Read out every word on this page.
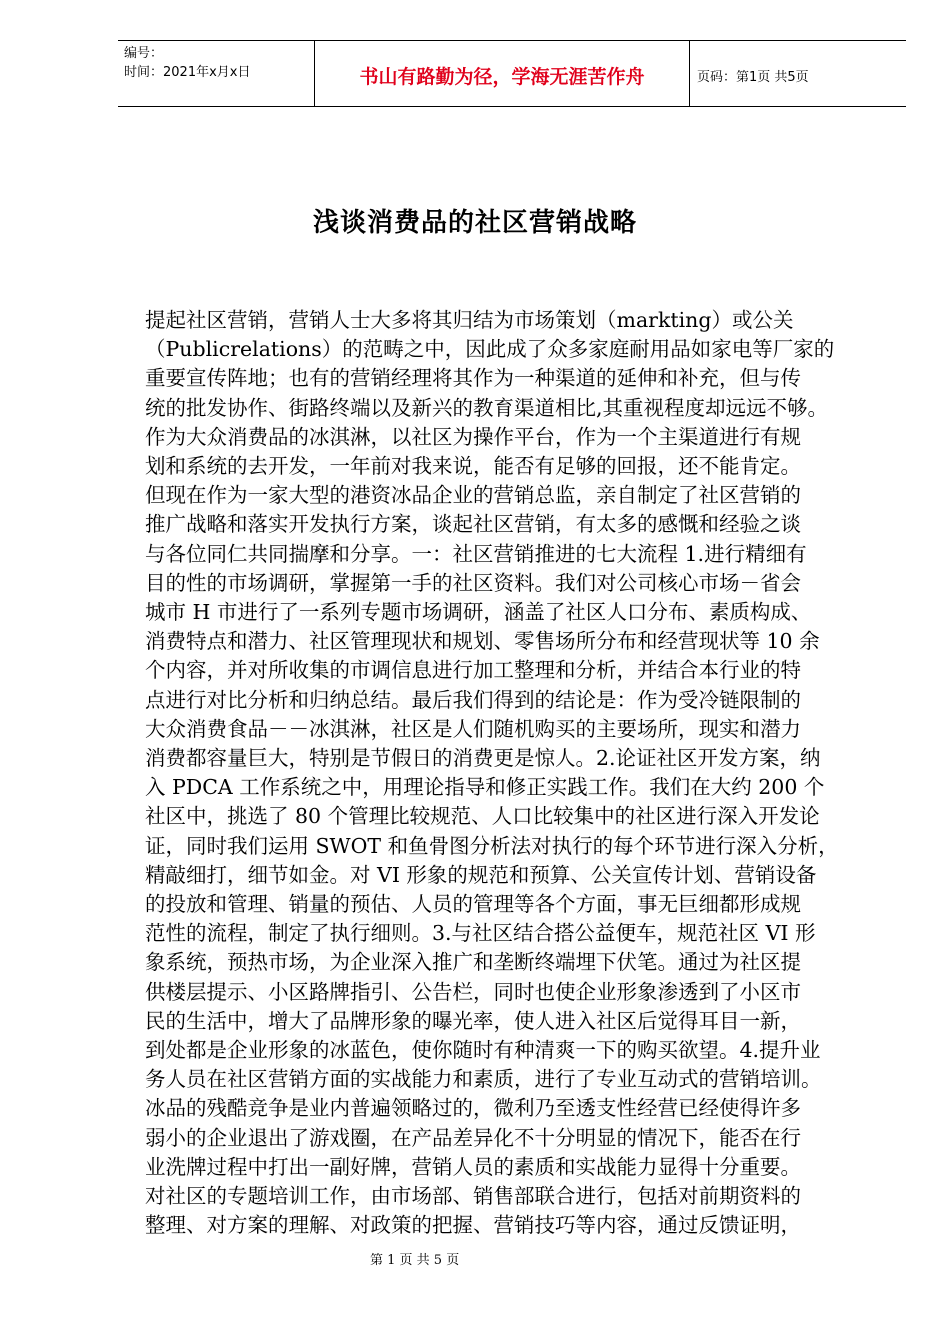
编号：
时间：2021年x月x日	书山有路勤为径，学海无涯苦作舟	页码：第1页 共5页
浅谈消费品的社区营销战略
提起社区营销，营销人士大多将其归结为市场策划（markting）或公关
（Publicrelations）的范畴之中，因此成了众多家庭耐用品如家电等厂家的
重要宣传阵地；也有的营销经理将其作为一种渠道的延伸和补充，但与传
统的批发协作、街路终端以及新兴的教育渠道相比,其重视程度却远远不够。
作为大众消费品的冰淇淋，以社区为操作平台，作为一个主渠道进行有规
划和系统的去开发，一年前对我来说，能否有足够的回报，还不能肯定。
但现在作为一家大型的港资冰品企业的营销总监，亲自制定了社区营销的
推广战略和落实开发执行方案，谈起社区营销，有太多的感慨和经验之谈
与各位同仁共同揣摩和分享。一：社区营销推进的七大流程 1.进行精细有
目的性的市场调研，掌握第一手的社区资料。我们对公司核心市场－省会
城市 H 市进行了一系列专题市场调研，涵盖了社区人口分布、素质构成、
消费特点和潜力、社区管理现状和规划、零售场所分布和经营现状等 10 余
个内容，并对所收集的市调信息进行加工整理和分析，并结合本行业的特
点进行对比分析和归纳总结。最后我们得到的结论是：作为受冷链限制的
大众消费食品－－冰淇淋，社区是人们随机购买的主要场所，现实和潜力
消费都容量巨大，特别是节假日的消费更是惊人。2.论证社区开发方案，纳
入 PDCA 工作系统之中，用理论指导和修正实践工作。我们在大约 200 个
社区中，挑选了 80 个管理比较规范、人口比较集中的社区进行深入开发论
证，同时我们运用 SWOT 和鱼骨图分析法对执行的每个环节进行深入分析，
精敲细打，细节如金。对 VI 形象的规范和预算、公关宣传计划、营销设备
的投放和管理、销量的预估、人员的管理等各个方面，事无巨细都形成规
范性的流程，制定了执行细则。3.与社区结合搭公益便车，规范社区 VI 形
象系统，预热市场，为企业深入推广和垄断终端埋下伏笔。通过为社区提
供楼层提示、小区路牌指引、公告栏，同时也使企业形象渗透到了小区市
民的生活中，增大了品牌形象的曝光率，使人进入社区后觉得耳目一新，
到处都是企业形象的冰蓝色，使你随时有种清爽一下的购买欲望。4.提升业
务人员在社区营销方面的实战能力和素质，进行了专业互动式的营销培训。
冰品的残酷竞争是业内普遍领略过的，微利乃至透支性经营已经使得许多
弱小的企业退出了游戏圈，在产品差异化不十分明显的情况下，能否在行
业洗牌过程中打出一副好牌，营销人员的素质和实战能力显得十分重要。
对社区的专题培训工作，由市场部、销售部联合进行，包括对前期资料的
整理、对方案的理解、对政策的把握、营销技巧等内容，通过反馈证明，
第 1 页 共 5 页
